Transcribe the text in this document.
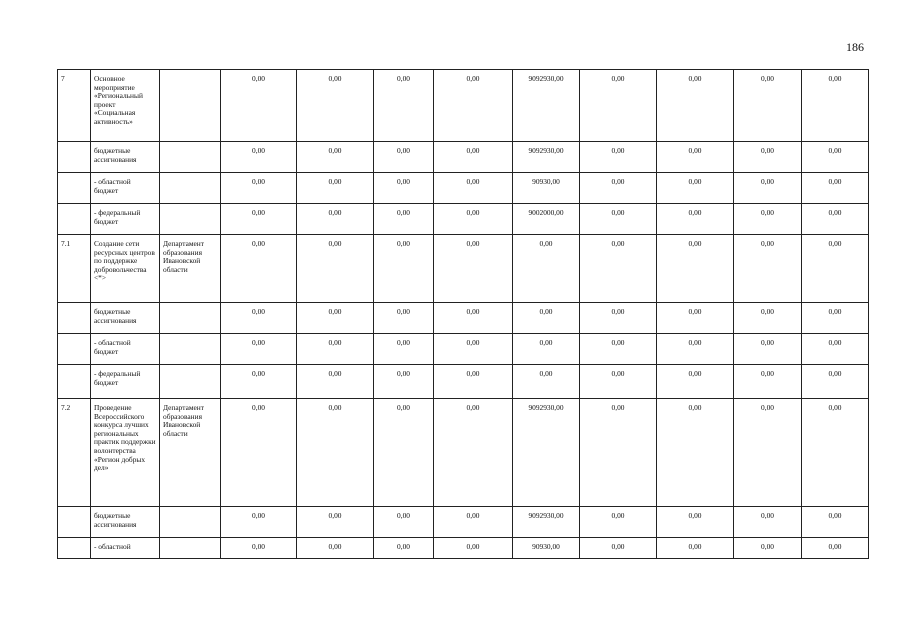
186
7	Основное мероприятие «Региональный проект «Социальная активность»		0,00	0,00	0,00	0,00	9092930,00	0,00	0,00	0,00	0,00
	бюджетные ассигнования		0,00	0,00	0,00	0,00	9092930,00	0,00	0,00	0,00	0,00
	- областной бюджет		0,00	0,00	0,00	0,00	90930,00	0,00	0,00	0,00	0,00
	- федеральный бюджет		0,00	0,00	0,00	0,00	9002000,00	0,00	0,00	0,00	0,00
7.1	Создание сети ресурсных центров по поддержке добровольчества <*>	Департамент образования Ивановской области	0,00	0,00	0,00	0,00	0,00	0,00	0,00	0,00	0,00
	бюджетные ассигнования		0,00	0,00	0,00	0,00	0,00	0,00	0,00	0,00	0,00
	- областной бюджет		0,00	0,00	0,00	0,00	0,00	0,00	0,00	0,00	0,00
	- федеральный бюджет		0,00	0,00	0,00	0,00	0,00	0,00	0,00	0,00	0,00
7.2	Проведение Всероссийского конкурса лучших региональных практик поддержки волонтерства «Регион добрых дел»	Департамент образования Ивановской области	0,00	0,00	0,00	0,00	9092930,00	0,00	0,00	0,00	0,00
	бюджетные ассигнования		0,00	0,00	0,00	0,00	9092930,00	0,00	0,00	0,00	0,00
	- областной		0,00	0,00	0,00	0,00	90930,00	0,00	0,00	0,00	0,00
